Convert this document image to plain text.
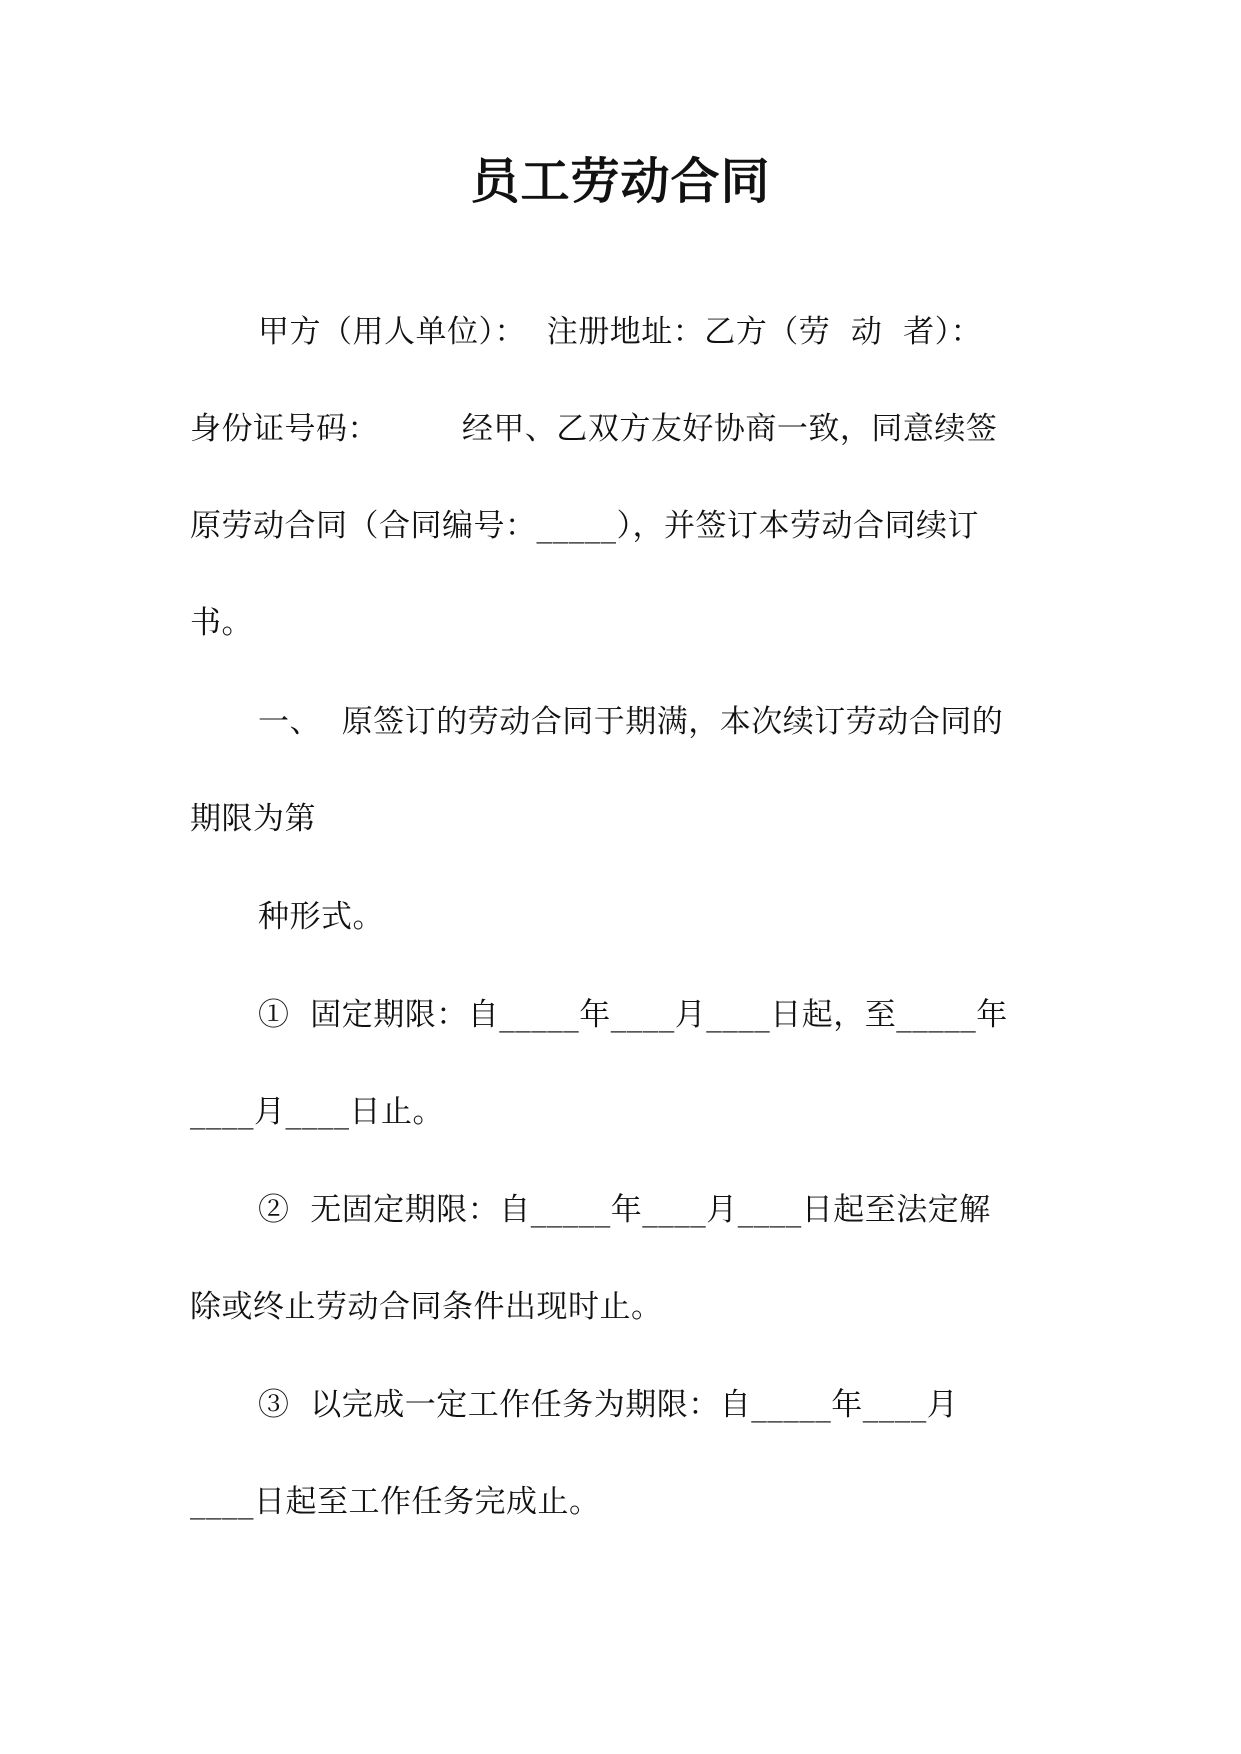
员工劳动合同
甲方（用人单位）：  注册地址：乙方（劳  动  者）：
身份证号码：        经甲、乙双方友好协商一致，同意续签
原劳动合同（合同编号：_____），并签订本劳动合同续订
书。
一、  原签订的劳动合同于期满，本次续订劳动合同的
期限为第
种形式。
①  固定期限：自_____年____月____日起，至_____年
____月____日止。
②  无固定期限：自_____年____月____日起至法定解
除或终止劳动合同条件出现时止。
③  以完成一定工作任务为期限：自_____年____月
____日起至工作任务完成止。
